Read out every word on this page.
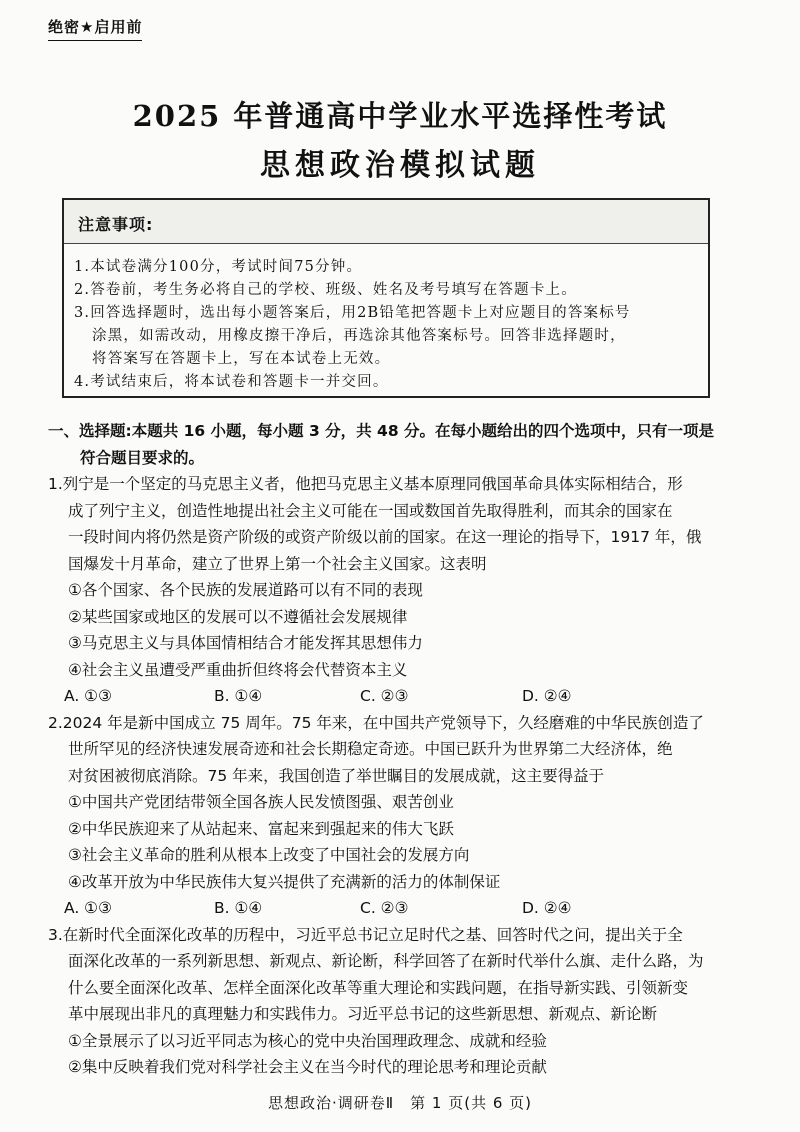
绝密★启用前
2025 年普通高中学业水平选择性考试
思想政治模拟试题
注意事项:
1.本试卷满分100分，考试时间75分钟。
2.答卷前，考生务必将自己的学校、班级、姓名及考号填写在答题卡上。
3.回答选择题时，选出每小题答案后，用2B铅笔把答题卡上对应题目的答案标号
涂黑，如需改动，用橡皮擦干净后，再选涂其他答案标号。回答非选择题时，
将答案写在答题卡上，写在本试卷上无效。
4.考试结束后，将本试卷和答题卡一并交回。
一、选择题:本题共 16 小题，每小题 3 分，共 48 分。在每小题给出的四个选项中，只有一项是
符合题目要求的。
1.列宁是一个坚定的马克思主义者，他把马克思主义基本原理同俄国革命具体实际相结合，形
成了列宁主义，创造性地提出社会主义可能在一国或数国首先取得胜利，而其余的国家在
一段时间内将仍然是资产阶级的或资产阶级以前的国家。在这一理论的指导下，1917 年，俄
国爆发十月革命，建立了世界上第一个社会主义国家。这表明
①各个国家、各个民族的发展道路可以有不同的表现
②某些国家或地区的发展可以不遵循社会发展规律
③马克思主义与具体国情相结合才能发挥其思想伟力
④社会主义虽遭受严重曲折但终将会代替资本主义
A. ①③	B. ①④	C. ②③	D. ②④
2.2024 年是新中国成立 75 周年。75 年来，在中国共产党领导下，久经磨难的中华民族创造了
世所罕见的经济快速发展奇迹和社会长期稳定奇迹。中国已跃升为世界第二大经济体，绝
对贫困被彻底消除。75 年来，我国创造了举世瞩目的发展成就，这主要得益于
①中国共产党团结带领全国各族人民发愤图强、艰苦创业
②中华民族迎来了从站起来、富起来到强起来的伟大飞跃
③社会主义革命的胜利从根本上改变了中国社会的发展方向
④改革开放为中华民族伟大复兴提供了充满新的活力的体制保证
A. ①③	B. ①④	C. ②③	D. ②④
3.在新时代全面深化改革的历程中，习近平总书记立足时代之基、回答时代之问，提出关于全
面深化改革的一系列新思想、新观点、新论断，科学回答了在新时代举什么旗、走什么路，为
什么要全面深化改革、怎样全面深化改革等重大理论和实践问题，在指导新实践、引领新变
革中展现出非凡的真理魅力和实践伟力。习近平总书记的这些新思想、新观点、新论断
①全景展示了以习近平同志为核心的党中央治国理政理念、成就和经验
②集中反映着我们党对科学社会主义在当今时代的理论思考和理论贡献
思想政治·调研卷Ⅱ　第 1 页(共 6 页)
